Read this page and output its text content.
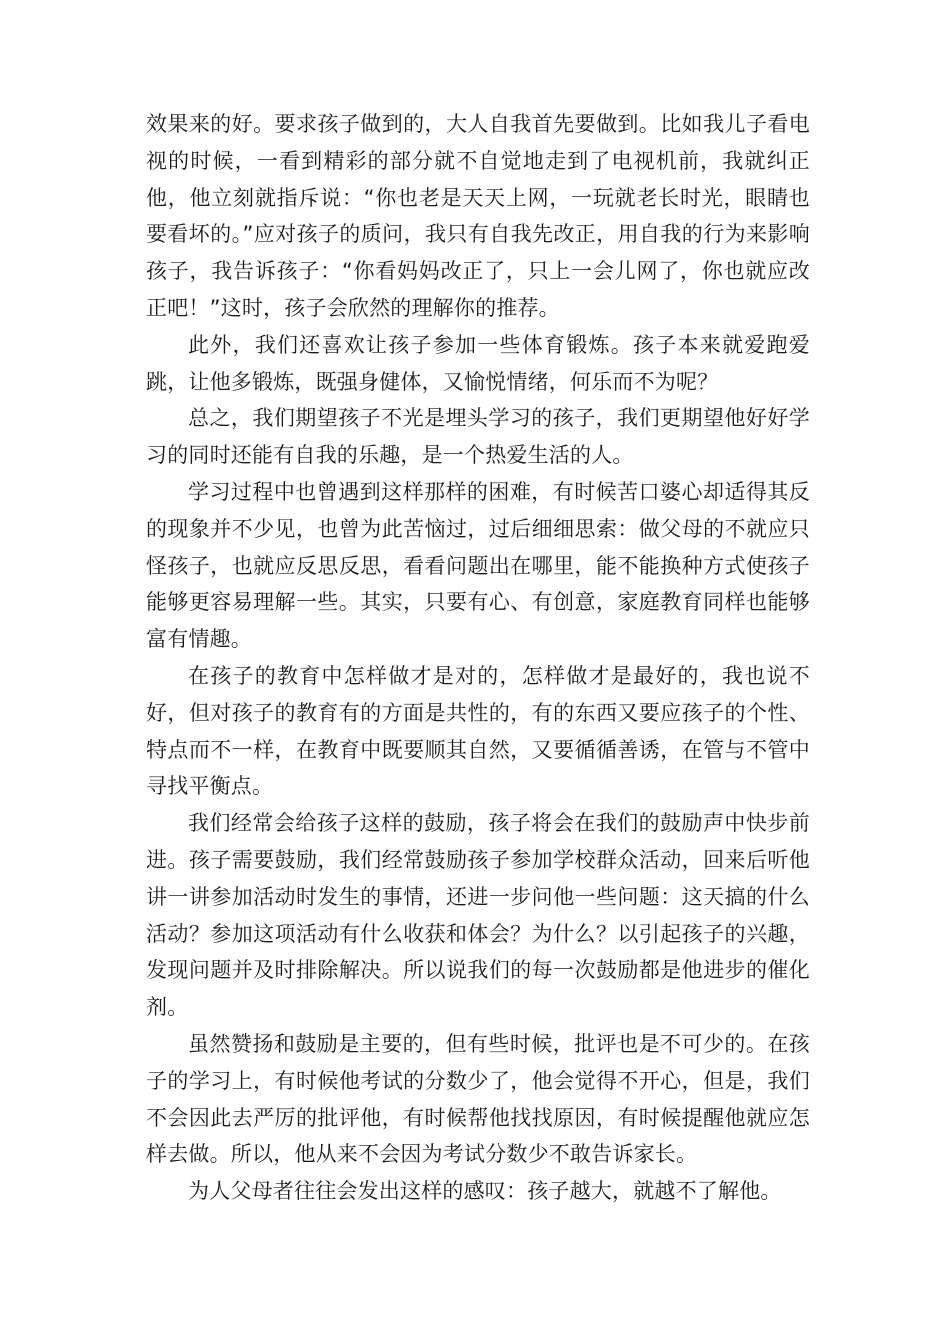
效果来的好。要求孩子做到的，大人自我首先要做到。比如我儿子看电视的时候，一看到精彩的部分就不自觉地走到了电视机前，我就纠正他，他立刻就指斥说：“你也老是天天上网，一玩就老长时光，眼睛也要看坏的。”应对孩子的质问，我只有自我先改正，用自我的行为来影响孩子，我告诉孩子：“你看妈妈改正了，只上一会儿网了，你也就应改正吧！”这时，孩子会欣然的理解你的推荐。

此外，我们还喜欢让孩子参加一些体育锻炼。孩子本来就爱跑爱跳，让他多锻炼，既强身健体，又愉悦情绪，何乐而不为呢？

总之，我们期望孩子不光是埋头学习的孩子，我们更期望他好好学习的同时还能有自我的乐趣，是一个热爱生活的人。

学习过程中也曾遇到这样那样的困难，有时候苦口婆心却适得其反的现象并不少见，也曾为此苦恼过，过后细细思索：做父母的不就应只怪孩子，也就应反思反思，看看问题出在哪里，能不能换种方式使孩子能够更容易理解一些。其实，只要有心、有创意，家庭教育同样也能够富有情趣。

在孩子的教育中怎样做才是对的，怎样做才是最好的，我也说不好，但对孩子的教育有的方面是共性的，有的东西又要应孩子的个性、特点而不一样，在教育中既要顺其自然，又要循循善诱，在管与不管中寻找平衡点。

我们经常会给孩子这样的鼓励，孩子将会在我们的鼓励声中快步前进。孩子需要鼓励，我们经常鼓励孩子参加学校群众活动，回来后听他讲一讲参加活动时发生的事情，还进一步问他一些问题：这天搞的什么活动？参加这项活动有什么收获和体会？为什么？以引起孩子的兴趣，发现问题并及时排除解决。所以说我们的每一次鼓励都是他进步的催化剂。

虽然赞扬和鼓励是主要的，但有些时候，批评也是不可少的。在孩子的学习上，有时候他考试的分数少了，他会觉得不开心，但是，我们不会因此去严厉的批评他，有时候帮他找找原因，有时候提醒他就应怎样去做。所以，他从来不会因为考试分数少不敢告诉家长。

为人父母者往往会发出这样的感叹：孩子越大，就越不了解他。
